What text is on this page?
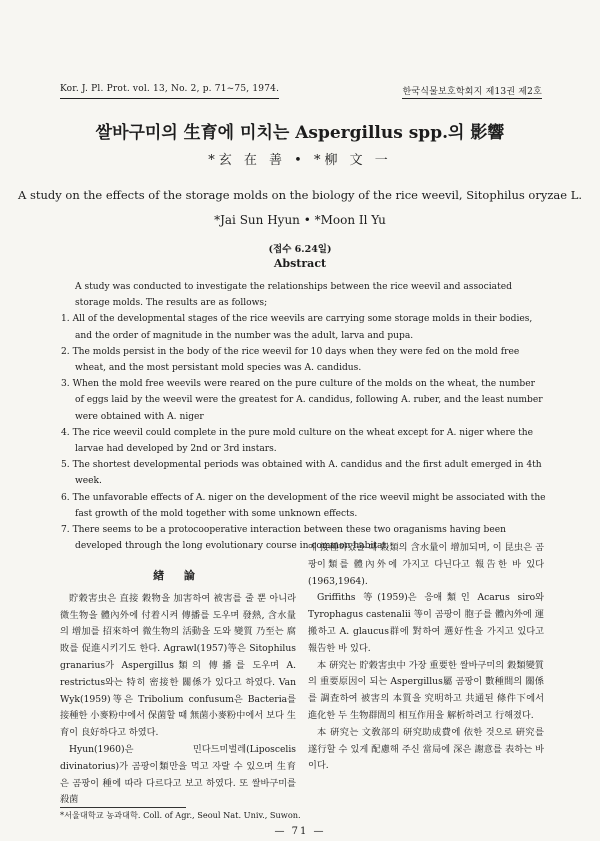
Kor. J. Pl. Prot. vol. 13, No. 2, p. 71~75, 1974.	한국식물보호학회지 제13권 제2호
쌀바구미의 生育에 미치는 Aspergillus spp.의 影響
*玄 在 善 • *柳 文 一
A study on the effects of the storage molds on the biology of the rice weevil, Sitophilus oryzae L.
*Jai Sun Hyun • *Moon Il Yu
(접수 6.24일)
Abstract

A study was conducted to investigate the relationships between the rice weevil and associated storage molds. The results are as follows;

1. All of the developmental stages of the rice weevils are carrying some storage molds in their bodies, and the order of magnitude in the number was the adult, larva and pupa.

2. The molds persist in the body of the rice weevil for 10 days when they were fed on the mold free wheat, and the most persistant mold species was A. candidus.

3. When the mold free weevils were reared on the pure culture of the molds on the wheat, the number of eggs laid by the weevil were the greatest for A. candidus, following A. ruber, and the least number were obtained with A. niger

4. The rice weevil could complete in the pure mold culture on the wheat except for A. niger where the larvae had developed by 2nd or 3rd instars.

5. The shortest developmental periods was obtained with A. candidus and the first adult emerged in 4th week.

6. The unfavorable effects of A. niger on the development of the rice weevil might be associated with the fast growth of the mold together with some unknown effects.

7. There seems to be a protocooperative interaction between these two oraganisms having been developed through the long evolutionary course in common habitat.

緖 論

貯穀害虫은 直接 穀物을 加害하여 被害를 줄 뿐 아니라 微生物을 體內外에 付着시켜 傳播를 도우며 發熱, 含水量의 增加를 招來하여 微生物의 活動을 도와 變質 乃至는 腐敗를 促進시키기도 한다. Agrawl(1957)等은 Sitophilus granarius가 Aspergillus類의 傳播를 도우며 A. restrictus와는 特히 密接한 關係가 있다고 하였다. Van Wyk(1959)等은 Tribolium confusum은 Bacteria를 接種한 小麥粉中에서 保菌할 때 無菌小麥粉中에서 보다 生育이 良好하다고 하였다.

Hyun(1960)은 민다드미벌레(Liposcelis divinatorius)가 곰팡이類만을 먹고 자랄 수 있으며 生育은 곰팡이 種에 따라 다르다고 보고 하였다. 또 쌀바구미를 殺菌

에 接種하였을 때 穀類의 含水量이 增加되며, 이 昆虫은 곰팡이類를 體內外에 가지고 다닌다고 報告한 바 있다(1963,1964).

Griffiths 等(1959)은 응애類인 Acarus siro와 Tyrophagus castenalii 等이 곰팡이 胞子를 體內外에 運搬하고 A. glaucus群에 對하여 選好性을 가지고 있다고 報告한 바 있다.

本 硏究는 貯穀害虫中 가장 重要한 쌀바구미의 穀類變質의 重要原因이 되는 Aspergillus屬 곰팡이 數種間의 關係를 調査하여 被害의 本質을 究明하고 共通된 條件下에서 進化한 두 生物群間의 相互作用을 解析하려고 行해졌다.

本 硏究는 文敎部의 研究助成費에 依한 것으로 硏究를 遂行할 수 있게 配慮해 주신 當局에 深은 謝意를 表하는 바이다.

*서울대학교 농과대학. Coll. of Agr., Seoul Nat. Univ., Suwon.
— 71 —
